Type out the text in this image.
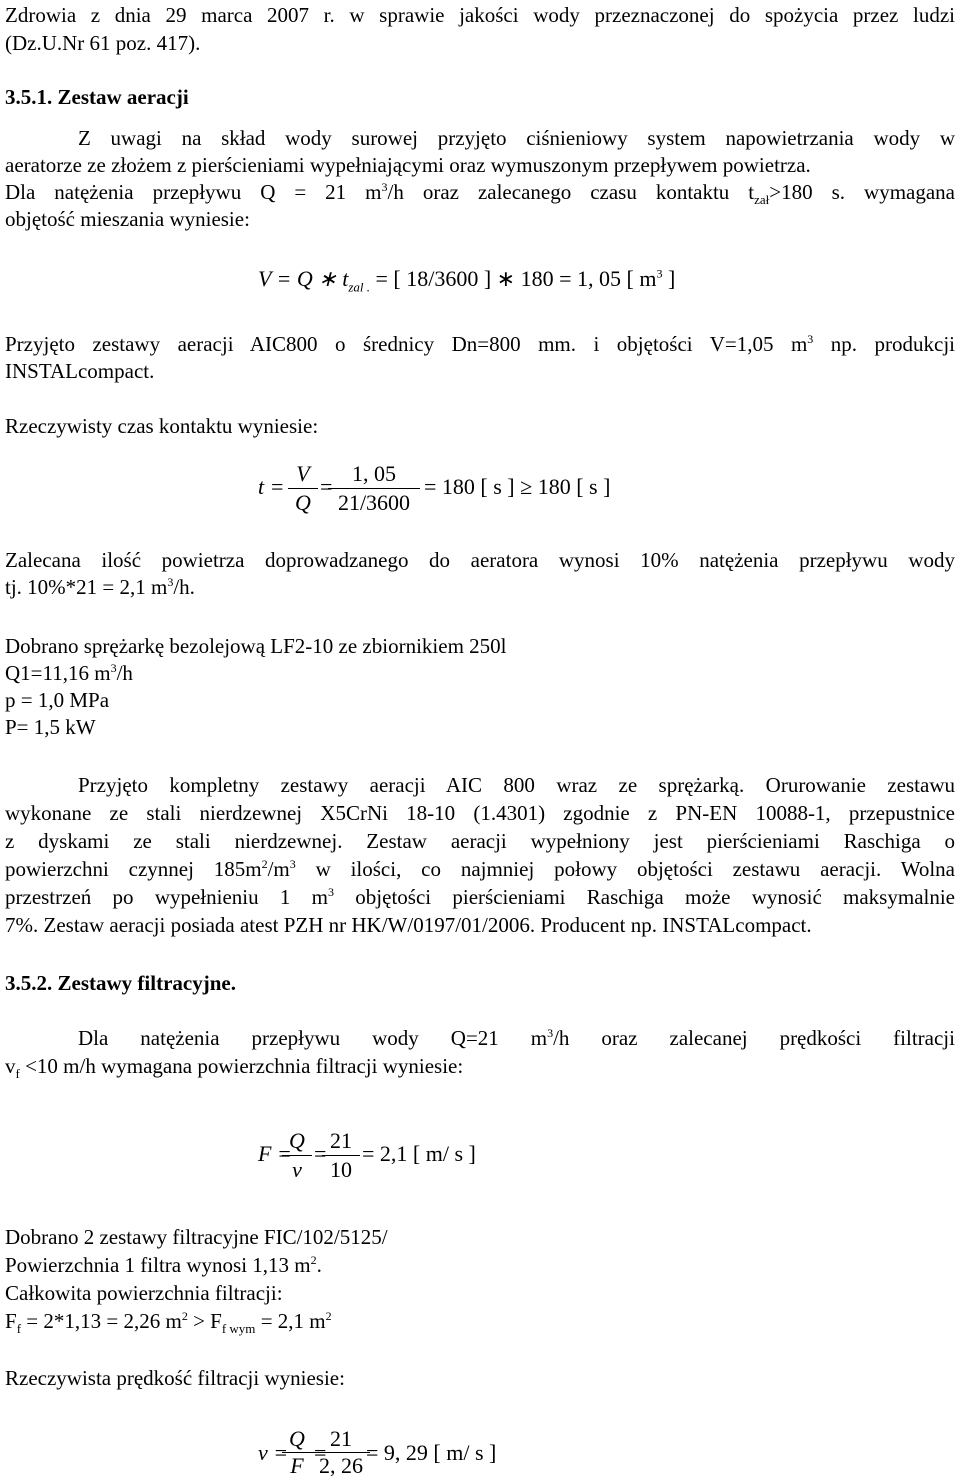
Zdrowia z dnia 29 marca 2007 r. w sprawie jakości wody przeznaczonej do spożycia przez ludzi
(Dz.U.Nr 61 poz. 417).
3.5.1. Zestaw aeracji
Z uwagi na skład wody surowej przyjęto ciśnieniowy system napowietrzania wody w
aeratorze ze złożem z pierścieniami wypełniającymi oraz wymuszonym przepływem powietrza.
Dla natężenia przepływu Q = 21 $m^3/h$ oraz zalecanego czasu kontaktu $t_{zał}>180$ s. wymagana
objętość mieszania wyniesie:
V = Q ∗ $t_{zal .}$ = [ 18/3600 ] ∗ 180 = 1, 05 [ $m^3$ ]
Przyjęto zestawy aeracji AIC800 o średnicy Dn=800 mm. i objętości V=1,05 $m^3$ np. produkcji
INSTALcompact.
Rzeczywisty czas kontaktu wyniesie:
$t = \frac{V}{Q}$ =
$\frac{1, 05}{21/3600} = 180$ [ s ] ≥ 180 [ s ]
Zalecana ilość powietrza doprowadzanego do aeratora wynosi 10% natężenia przepływu wody
tj. 10%*21 = 2,1 $m^3/h$.
Dobrano sprężarkę bezolejową LF2-10 ze zbiornikiem 250l
Q1=11,16 $m^3/h$
p = 1,0 MPa
P= 1,5 kW
Przyjęto kompletny zestawy aeracji AIC 800 wraz ze sprężarką. Orurowanie zestawu
wykonane ze stali nierdzewnej X5CrNi 18-10 (1.4301) zgodnie z PN-EN 10088-1, przepustnice
z dyskami ze stali nierdzewnej. Zestaw aeracji wypełniony jest pierścieniami Raschiga o
powierzchni czynnej $185m^2/m^3$ w ilości, co najmniej połowy objętości zestawu aeracji. Wolna
przestrzeń po wypełnieniu 1 $m^3$ objętości pierścieniami Raschiga może wynosić maksymalnie
7%. Zestaw aeracji posiada atest PZH nr HK/W/0197/01/2006. Producent np. INSTALcompact.
3.5.2. Zestawy filtracyjne.
Dla natężenia przepływu wody Q=21 $m^3/h$ oraz zalecanej prędkości filtracji
$v_f <10$ m/h wymagana powierzchnia filtracji wyniesie:
F =
$\frac{Q}{v}$ =
$\frac{21}{10} = 2,1$ [ m/ s ]
Dobrano 2 zestawy filtracyjne FIC/102/5125/
Powierzchnia 1 filtra wynosi 1,13 $m^2$.
Całkowita powierzchnia filtracji:
$F_f = 2*1,13 = 2,26$ $m^2 > F_{f wym} = 2,1$ $m^2$
Rzeczywista prędkość filtracji wyniesie:
v =
$\frac{Q}{F}$ =
$\frac{21}{2, 26}$
= 9, 29 [ m/ s ]
